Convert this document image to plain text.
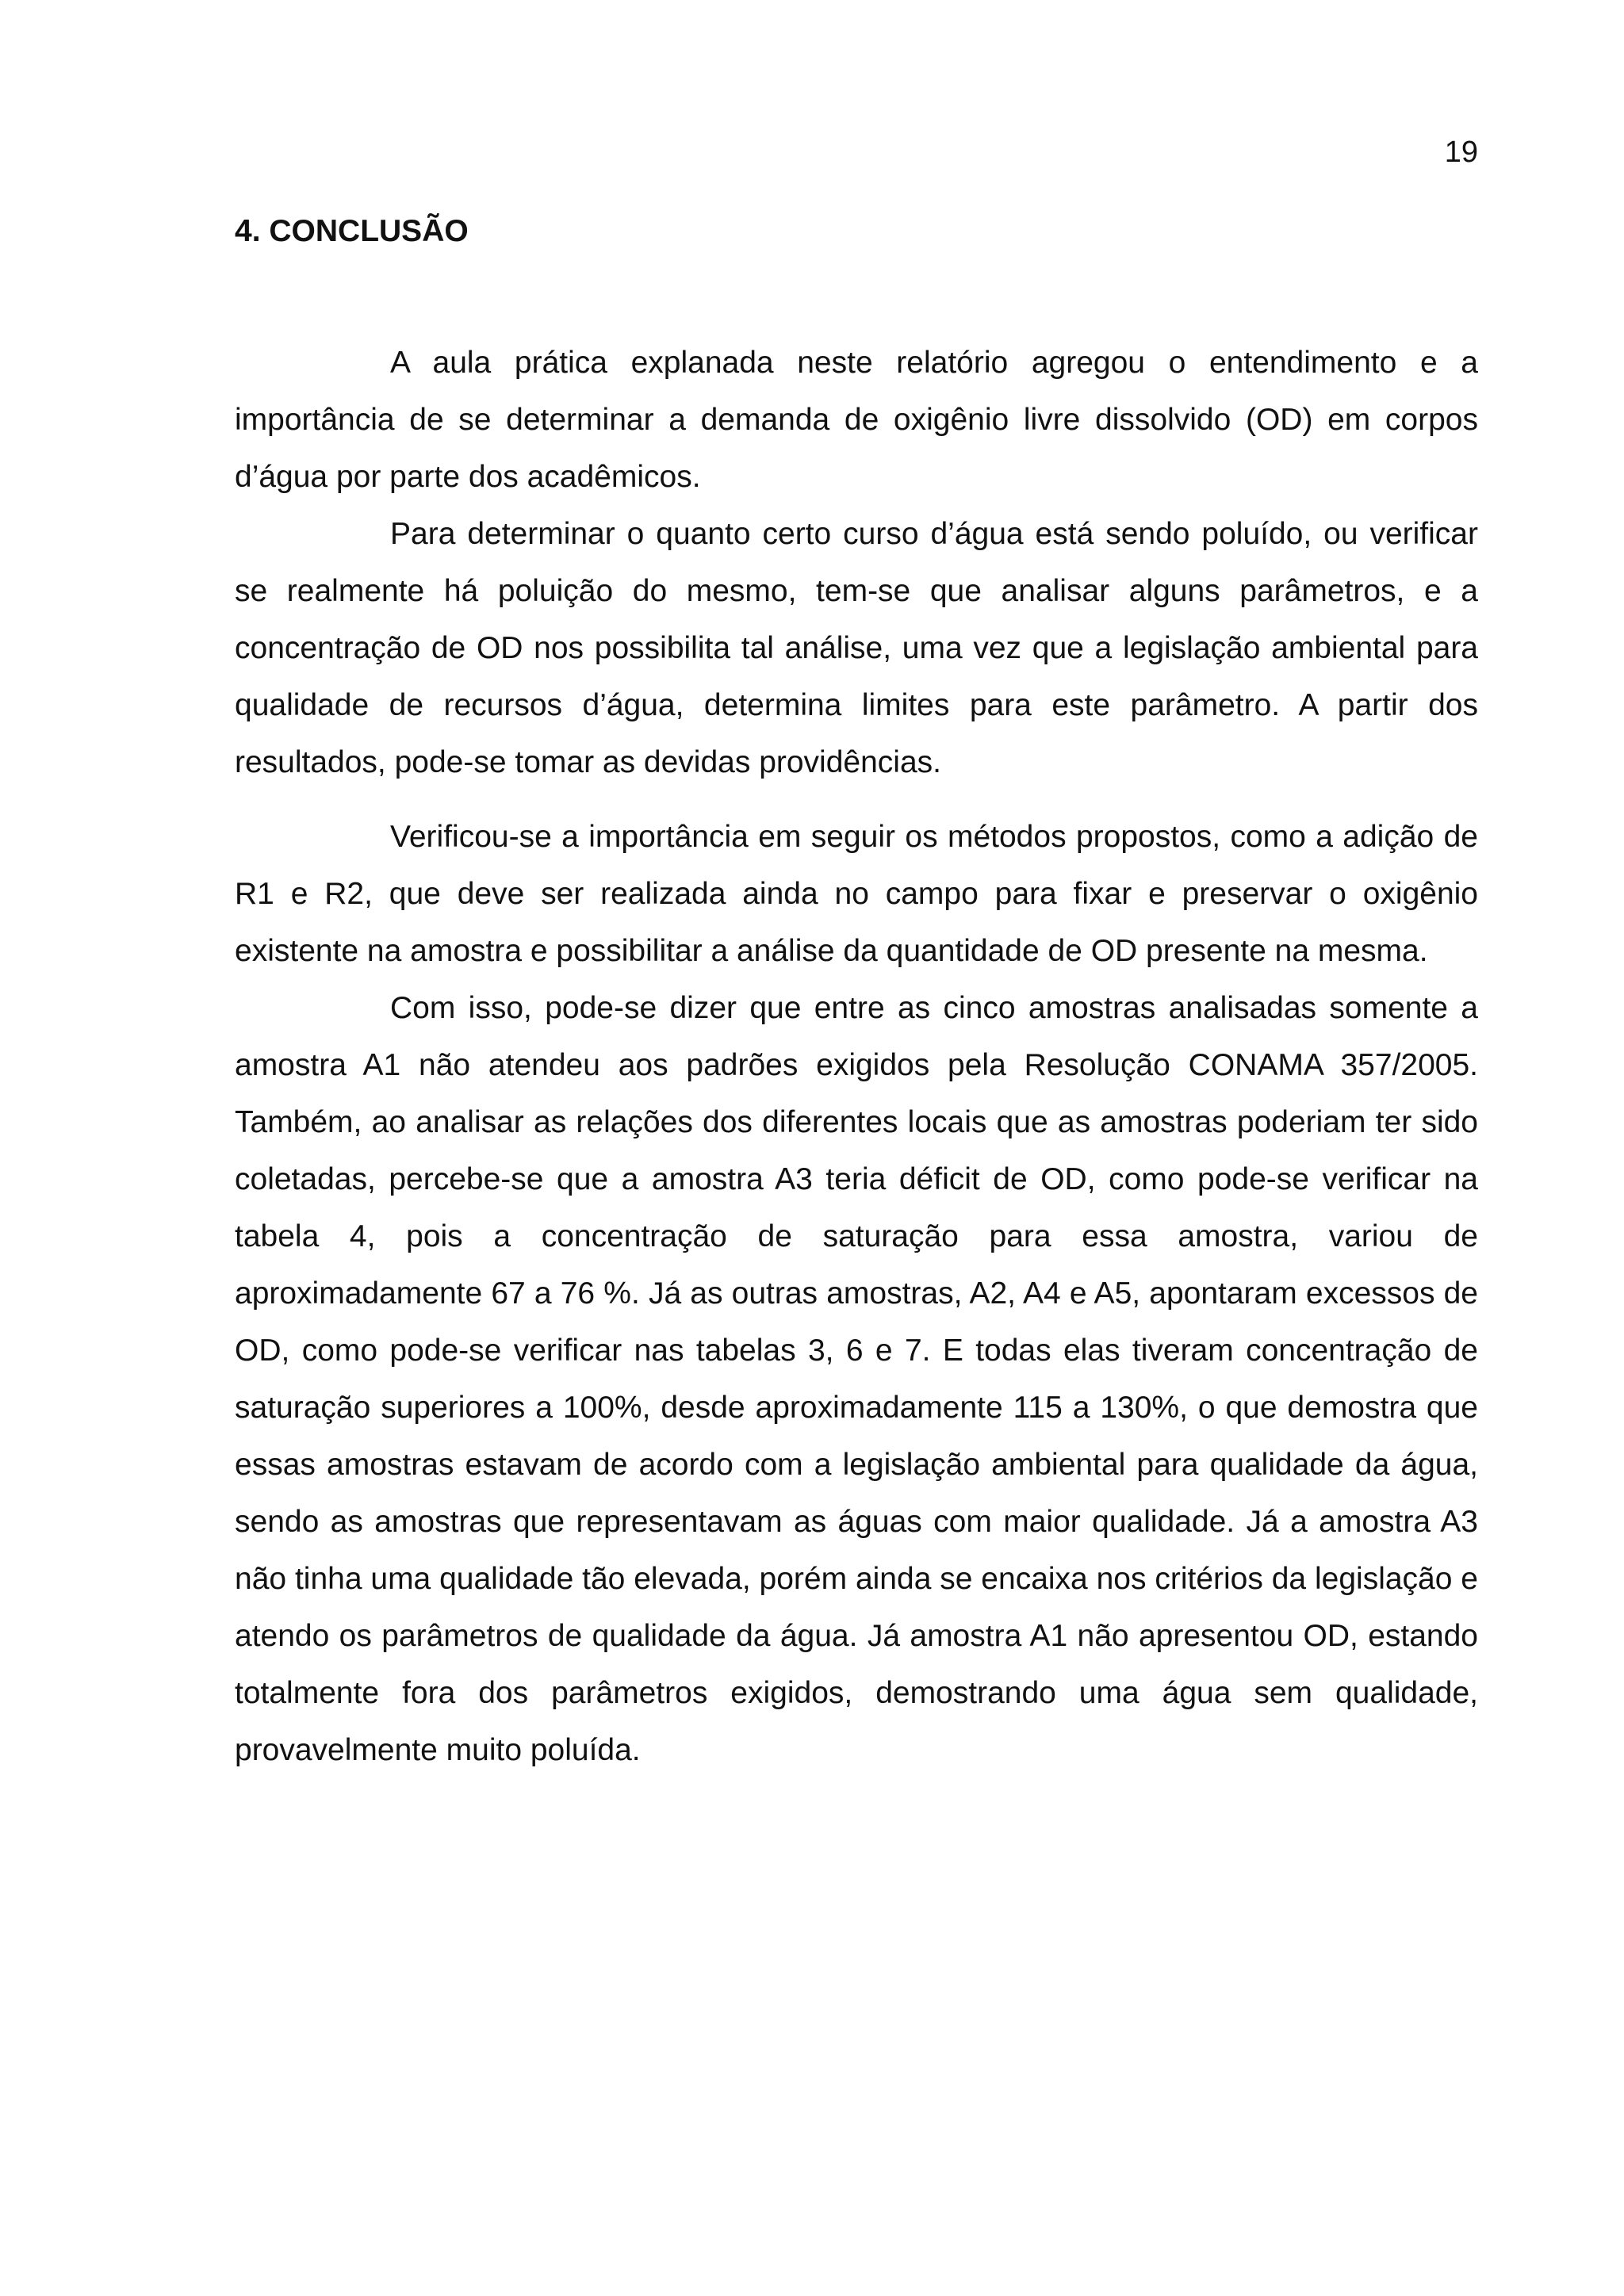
19
4. CONCLUSÃO

A aula prática explanada neste relatório agregou o entendimento e a importância de se determinar a demanda de oxigênio livre dissolvido (OD) em corpos d’água por parte dos acadêmicos.

Para determinar o quanto certo curso d’água está sendo poluído, ou verificar se realmente há poluição do mesmo, tem-se que analisar alguns parâmetros, e a concentração de OD nos possibilita tal análise, uma vez que a legislação ambiental para qualidade de recursos d’água, determina limites para este parâmetro. A partir dos resultados, pode-se tomar as devidas providências.

Verificou-se a importância em seguir os métodos propostos, como a adição de R1 e R2, que deve ser realizada ainda no campo para fixar e preservar o oxigênio existente na amostra e possibilitar a análise da quantidade de OD presente na mesma.

Com isso, pode-se dizer que entre as cinco amostras analisadas somente a amostra A1 não atendeu aos padrões exigidos pela Resolução CONAMA 357/2005. Também, ao analisar as relações dos diferentes locais que as amostras poderiam ter sido coletadas, percebe-se que a amostra A3 teria déficit de OD, como pode-se verificar na tabela 4, pois a concentração de saturação para essa amostra, variou de aproximadamente 67 a 76 %. Já as outras amostras, A2, A4 e A5, apontaram excessos de OD, como pode-se verificar nas tabelas 3, 6 e 7. E todas elas tiveram concentração de saturação superiores a 100%, desde aproximadamente 115 a 130%, o que demostra que essas amostras estavam de acordo com a legislação ambiental para qualidade da água, sendo as amostras que representavam as águas com maior qualidade. Já a amostra A3 não tinha uma qualidade tão elevada, porém ainda se encaixa nos critérios da legislação e atendo os parâmetros de qualidade da água. Já amostra A1 não apresentou OD, estando totalmente fora dos parâmetros exigidos, demostrando uma água sem qualidade, provavelmente muito poluída.
